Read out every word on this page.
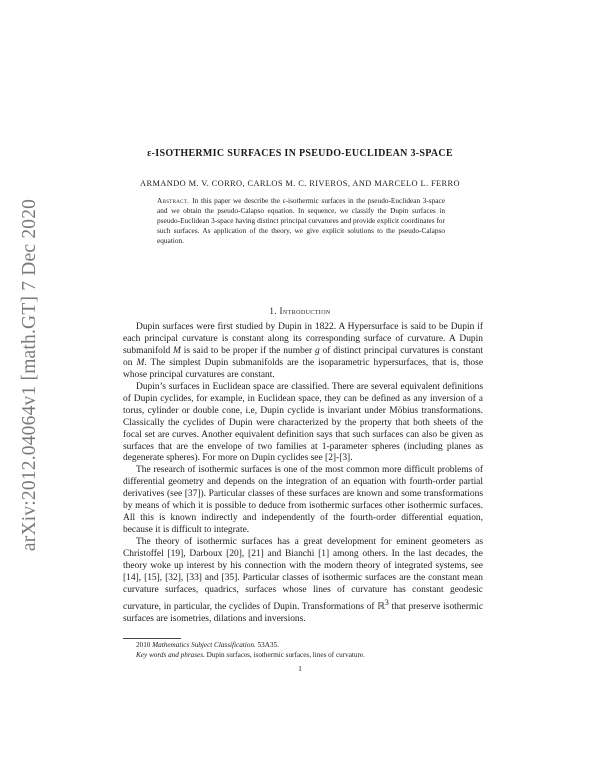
arXiv:2012.04064v1 [math.GT] 7 Dec 2020
ε-ISOTHERMIC SURFACES IN PSEUDO-EUCLIDEAN 3-SPACE
ARMANDO M. V. CORRO, CARLOS M. C. RIVEROS, AND MARCELO L. FERRO
Abstract. In this paper we describe the ε-isothermic surfaces in the pseudo-Euclidean 3-space and we obtain the pseudo-Calapso equation. In sequence, we classify the Dupin surfaces in pseudo-Euclidean 3-space having distinct principal curvatures and provide explicit coordinates for such surfaces. As application of the theory, we give explicit solutions to the pseudo-Calapso equation.
1. Introduction

Dupin surfaces were first studied by Dupin in 1822. A Hypersurface is said to be Dupin if each principal curvature is constant along its corresponding surface of curvature. A Dupin submanifold M is said to be proper if the number g of distinct principal curvatures is constant on M. The simplest Dupin submanifolds are the isoparametric hypersurfaces, that is, those whose principal curvatures are constant.

Dupin’s surfaces in Euclidean space are classified. There are several equivalent definitions of Dupin cyclides, for example, in Euclidean space, they can be defined as any inversion of a torus, cylinder or double cone, i.e, Dupin cyclide is invariant under Möbius transformations. Classically the cyclides of Dupin were characterized by the property that both sheets of the focal set are curves. Another equivalent definition says that such surfaces can also be given as surfaces that are the envelope of two families at 1-parameter spheres (including planes as degenerate spheres). For more on Dupin cyclides see [2]-[3].

The research of isothermic surfaces is one of the most common more difficult problems of differential geometry and depends on the integration of an equation with fourth-order partial derivatives (see [37]). Particular classes of these surfaces are known and some transformations by means of which it is possible to deduce from isothermic surfaces other isothermic surfaces. All this is known indirectly and independently of the fourth-order differential equation, because it is difficult to integrate.

The theory of isothermic surfaces has a great development for eminent geometers as Christoffel [19], Darboux [20], [21] and Bianchi [1] among others. In the last decades, the theory woke up interest by his connection with the modern theory of integrated systems, see [14], [15], [32], [33] and [35]. Particular classes of isothermic surfaces are the constant mean curvature surfaces, quadrics, surfaces whose lines of curvature has constant geodesic curvature, in particular, the cyclides of Dupin. Transformations of ℝ$^3$ that preserve isothermic surfaces are isometries, dilations and inversions.

2010 Mathematics Subject Classification. 53A35.
Key words and phrases. Dupin surfaces, isothermic surfaces, lines of curvature.
1
